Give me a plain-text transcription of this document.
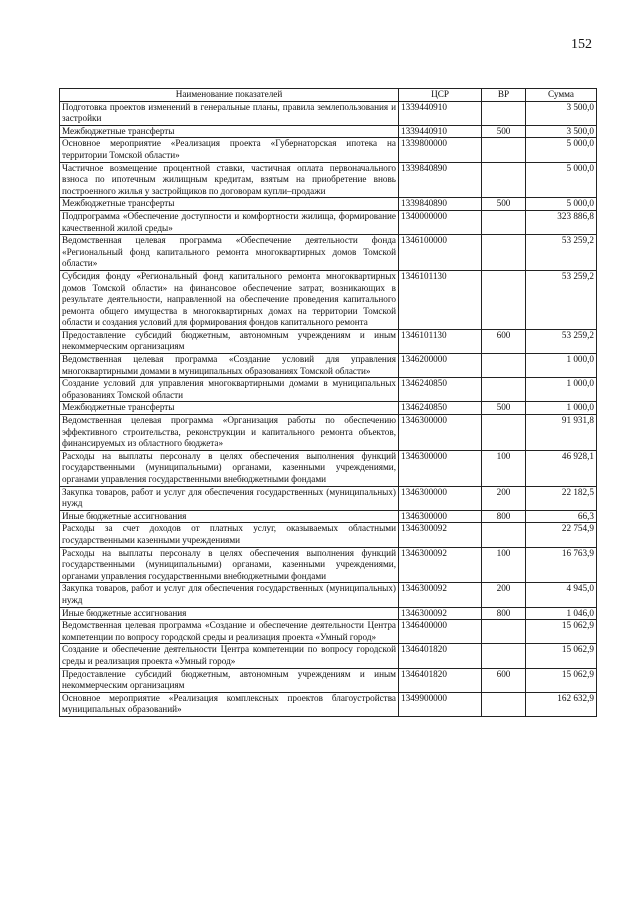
152
Наименование показателей	ЦСР	ВР	Сумма
Подготовка проектов изменений в генеральные планы, правила землепользования и застройки	1339440910		3 500,0
Межбюджетные трансферты	1339440910	500	3 500,0
Основное мероприятие «Реализация проекта «Губернаторская ипотека на территории Томской области»	1339800000		5 000,0
Частичное возмещение процентной ставки, частичная оплата первоначального взноса по ипотечным жилищным кредитам, взятым на приобретение вновь построенного жилья у застройщиков по договорам купли–продажи	1339840890		5 000,0
Межбюджетные трансферты	1339840890	500	5 000,0
Подпрограмма «Обеспечение доступности и комфортности жилища, формирование качественной жилой среды»	1340000000		323 886,8
Ведомственная целевая программа «Обеспечение деятельности фонда «Региональный фонд капитального ремонта многоквартирных домов Томской области»	1346100000		53 259,2
Субсидия фонду «Региональный фонд капитального ремонта многоквартирных домов Томской области» на финансовое обеспечение затрат, возникающих в результате деятельности, направленной на обеспечение проведения капитального ремонта общего имущества в многоквартирных домах на территории Томской области и создания условий для формирования фондов капитального ремонта	1346101130		53 259,2
Предоставление субсидий бюджетным, автономным учреждениям и иным некоммерческим организациям	1346101130	600	53 259,2
Ведомственная целевая программа «Создание условий для управления многоквартирными домами в муниципальных образованиях Томской области»	1346200000		1 000,0
Создание условий для управления многоквартирными домами в муниципальных образованиях Томской области	1346240850		1 000,0
Межбюджетные трансферты	1346240850	500	1 000,0
Ведомственная целевая программа «Организация работы по обеспечению эффективного строительства, реконструкции и капитального ремонта объектов, финансируемых из областного бюджета»	1346300000		91 931,8
Расходы на выплаты персоналу в целях обеспечения выполнения функций государственными (муниципальными) органами, казенными учреждениями, органами управления государственными внебюджетными фондами	1346300000	100	46 928,1
Закупка товаров, работ и услуг для обеспечения государственных (муниципальных) нужд	1346300000	200	22 182,5
Иные бюджетные ассигнования	1346300000	800	66,3
Расходы за счет доходов от платных услуг, оказываемых областными государственными казенными учреждениями	1346300092		22 754,9
Расходы на выплаты персоналу в целях обеспечения выполнения функций государственными (муниципальными) органами, казенными учреждениями, органами управления государственными внебюджетными фондами	1346300092	100	16 763,9
Закупка товаров, работ и услуг для обеспечения государственных (муниципальных) нужд	1346300092	200	4 945,0
Иные бюджетные ассигнования	1346300092	800	1 046,0
Ведомственная целевая программа «Создание и обеспечение деятельности Центра компетенции по вопросу городской среды и реализация проекта «Умный город»	1346400000		15 062,9
Создание и обеспечение деятельности Центра компетенции по вопросу городской среды и реализация проекта «Умный город»	1346401820		15 062,9
Предоставление субсидий бюджетным, автономным учреждениям и иным некоммерческим организациям	1346401820	600	15 062,9
Основное мероприятие «Реализация комплексных проектов благоустройства муниципальных образований»	1349900000		162 632,9
